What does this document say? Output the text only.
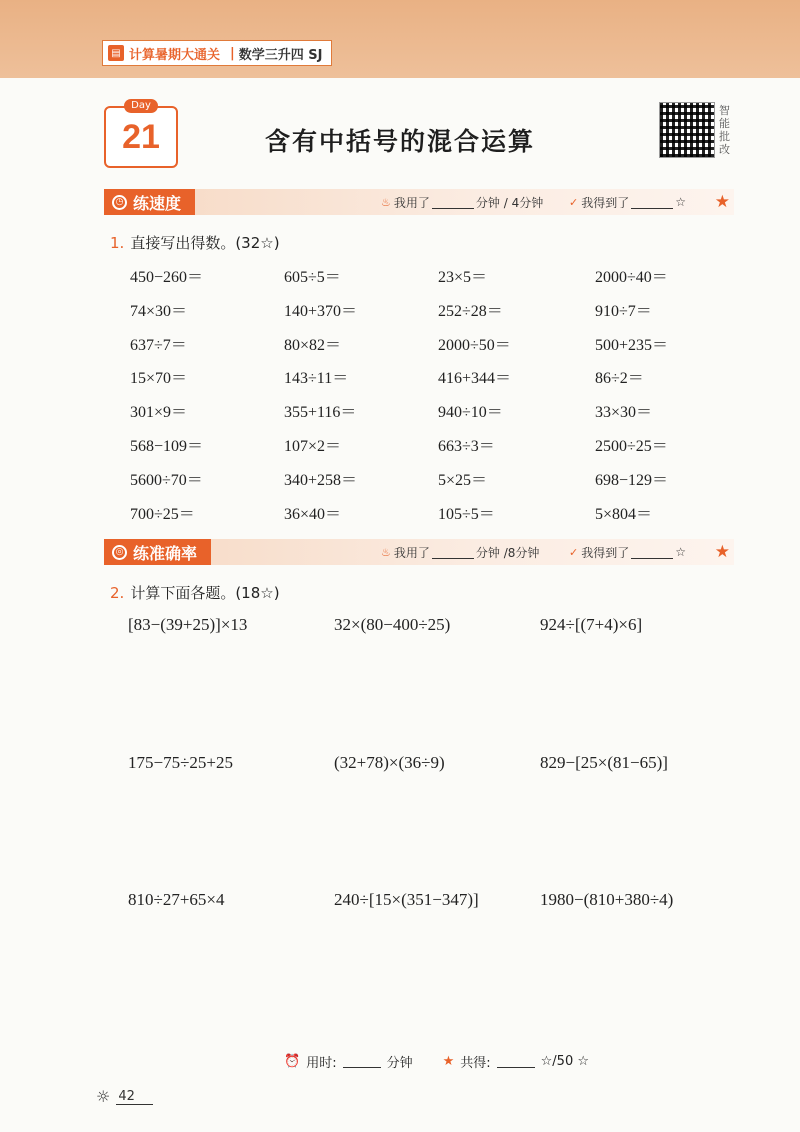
▤ 计算暑期大通关 | 数学三升四 SJ
Day
21	含有中括号的混合运算
智能批改
◷ 练速度	♨ 我用了	分钟 / 4分钟 ✓ 我得到了	☆ ★
1. 直接写出得数。(32☆)
450−260＝	605÷5＝	23×5＝	2000÷40＝
74×30＝	140+370＝	252÷28＝	910÷7＝
637÷7＝	80×82＝	2000÷50＝	500+235＝
15×70＝	143÷11＝	416+344＝	86÷2＝
301×9＝	355+116＝	940÷10＝	33×30＝
568−109＝	107×2＝	663÷3＝	2500÷25＝
5600÷70＝	340+258＝	5×25＝	698−129＝
700÷25＝	36×40＝	105÷5＝	5×804＝
◎ 练准确率	♨ 我用了	分钟 /8分钟	✓ 我得到了	☆ ★
2. 计算下面各题。(18☆)
[83−(39+25)]×13	32×(80−400÷25)	924÷[(7+4)×6]
175−75÷25+25	(32+78)×(36÷9)	829−[25×(81−65)]
810÷27+65×4	240÷[15×(351−347)]	1980−(810+380÷4)
⏰ 用时:	分钟 ★ 共得:	☆/50 ☆
☼ 42
